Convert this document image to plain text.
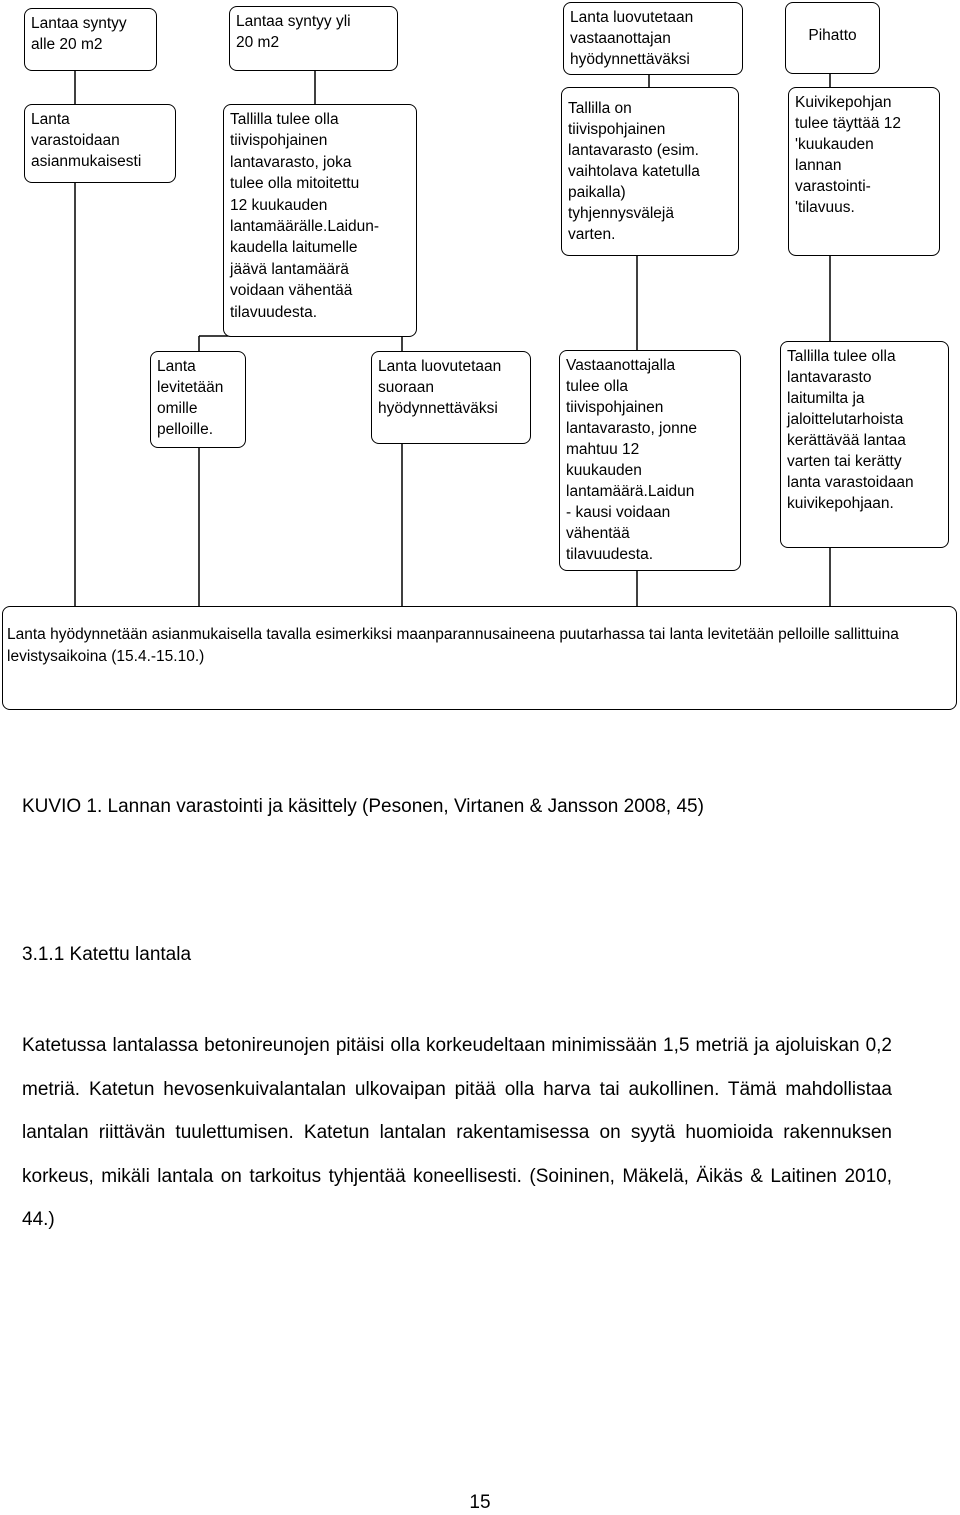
Lantaa syntyy
alle 20 m2
Lantaa syntyy yli
20 m2
Lanta luovutetaan
vastaanottajan
hyödynnettäväksi
Pihatto
Lanta
varastoidaan
asianmukaisesti
Tallilla tulee olla
tiivispohjainen
lantavarasto, joka
tulee olla mitoitettu
12 kuukauden
lantamäärälle.Laidun-
kaudella laitumelle
jäävä lantamäärä
voidaan vähentää
tilavuudesta.
Tallilla on
tiivispohjainen
lantavarasto (esim.
vaihtolava katetulla
paikalla)
tyhjennysvälejä
varten.
Kuivikepohjan
tulee täyttää 12
'kuukauden
lannan
varastointi-
'tilavuus.
Lanta
levitetään
omille
pelloille.
Lanta luovutetaan
suoraan
hyödynnettäväksi
Vastaanottajalla
tulee olla
tiivispohjainen
lantavarasto, jonne
mahtuu 12
kuukauden
lantamäärä.Laidun
- kausi voidaan
vähentää
tilavuudesta.
Tallilla tulee olla
lantavarasto
laitumilta ja
jaloittelutarhoista
kerättävää lantaa
varten tai kerätty
lanta varastoidaan
kuivikepohjaan.
Lanta hyödynnetään asianmukaisella tavalla esimerkiksi maanparannusaineena puutarhassa tai lanta levitetään pelloille sallittuina levistysaikoina (15.4.-15.10.)
KUVIO 1. Lannan varastointi ja käsittely (Pesonen, Virtanen & Jansson 2008, 45)
3.1.1 Katettu lantala
Katetussa lantalassa betonireunojen pitäisi olla korkeudeltaan minimissään 1,5 metriä ja ajoluiskan 0,2 metriä. Katetun hevosenkuivalantalan ulkovaipan pitää olla harva tai aukollinen. Tämä mahdollistaa lantalan riittävän tuulettumisen. Katetun lantalan rakentamisessa on syytä huomioida rakennuksen korkeus, mikäli lantala on tarkoitus tyhjentää koneellisesti. (Soininen, Mäkelä, Äikäs & Laitinen 2010, 44.)
15
